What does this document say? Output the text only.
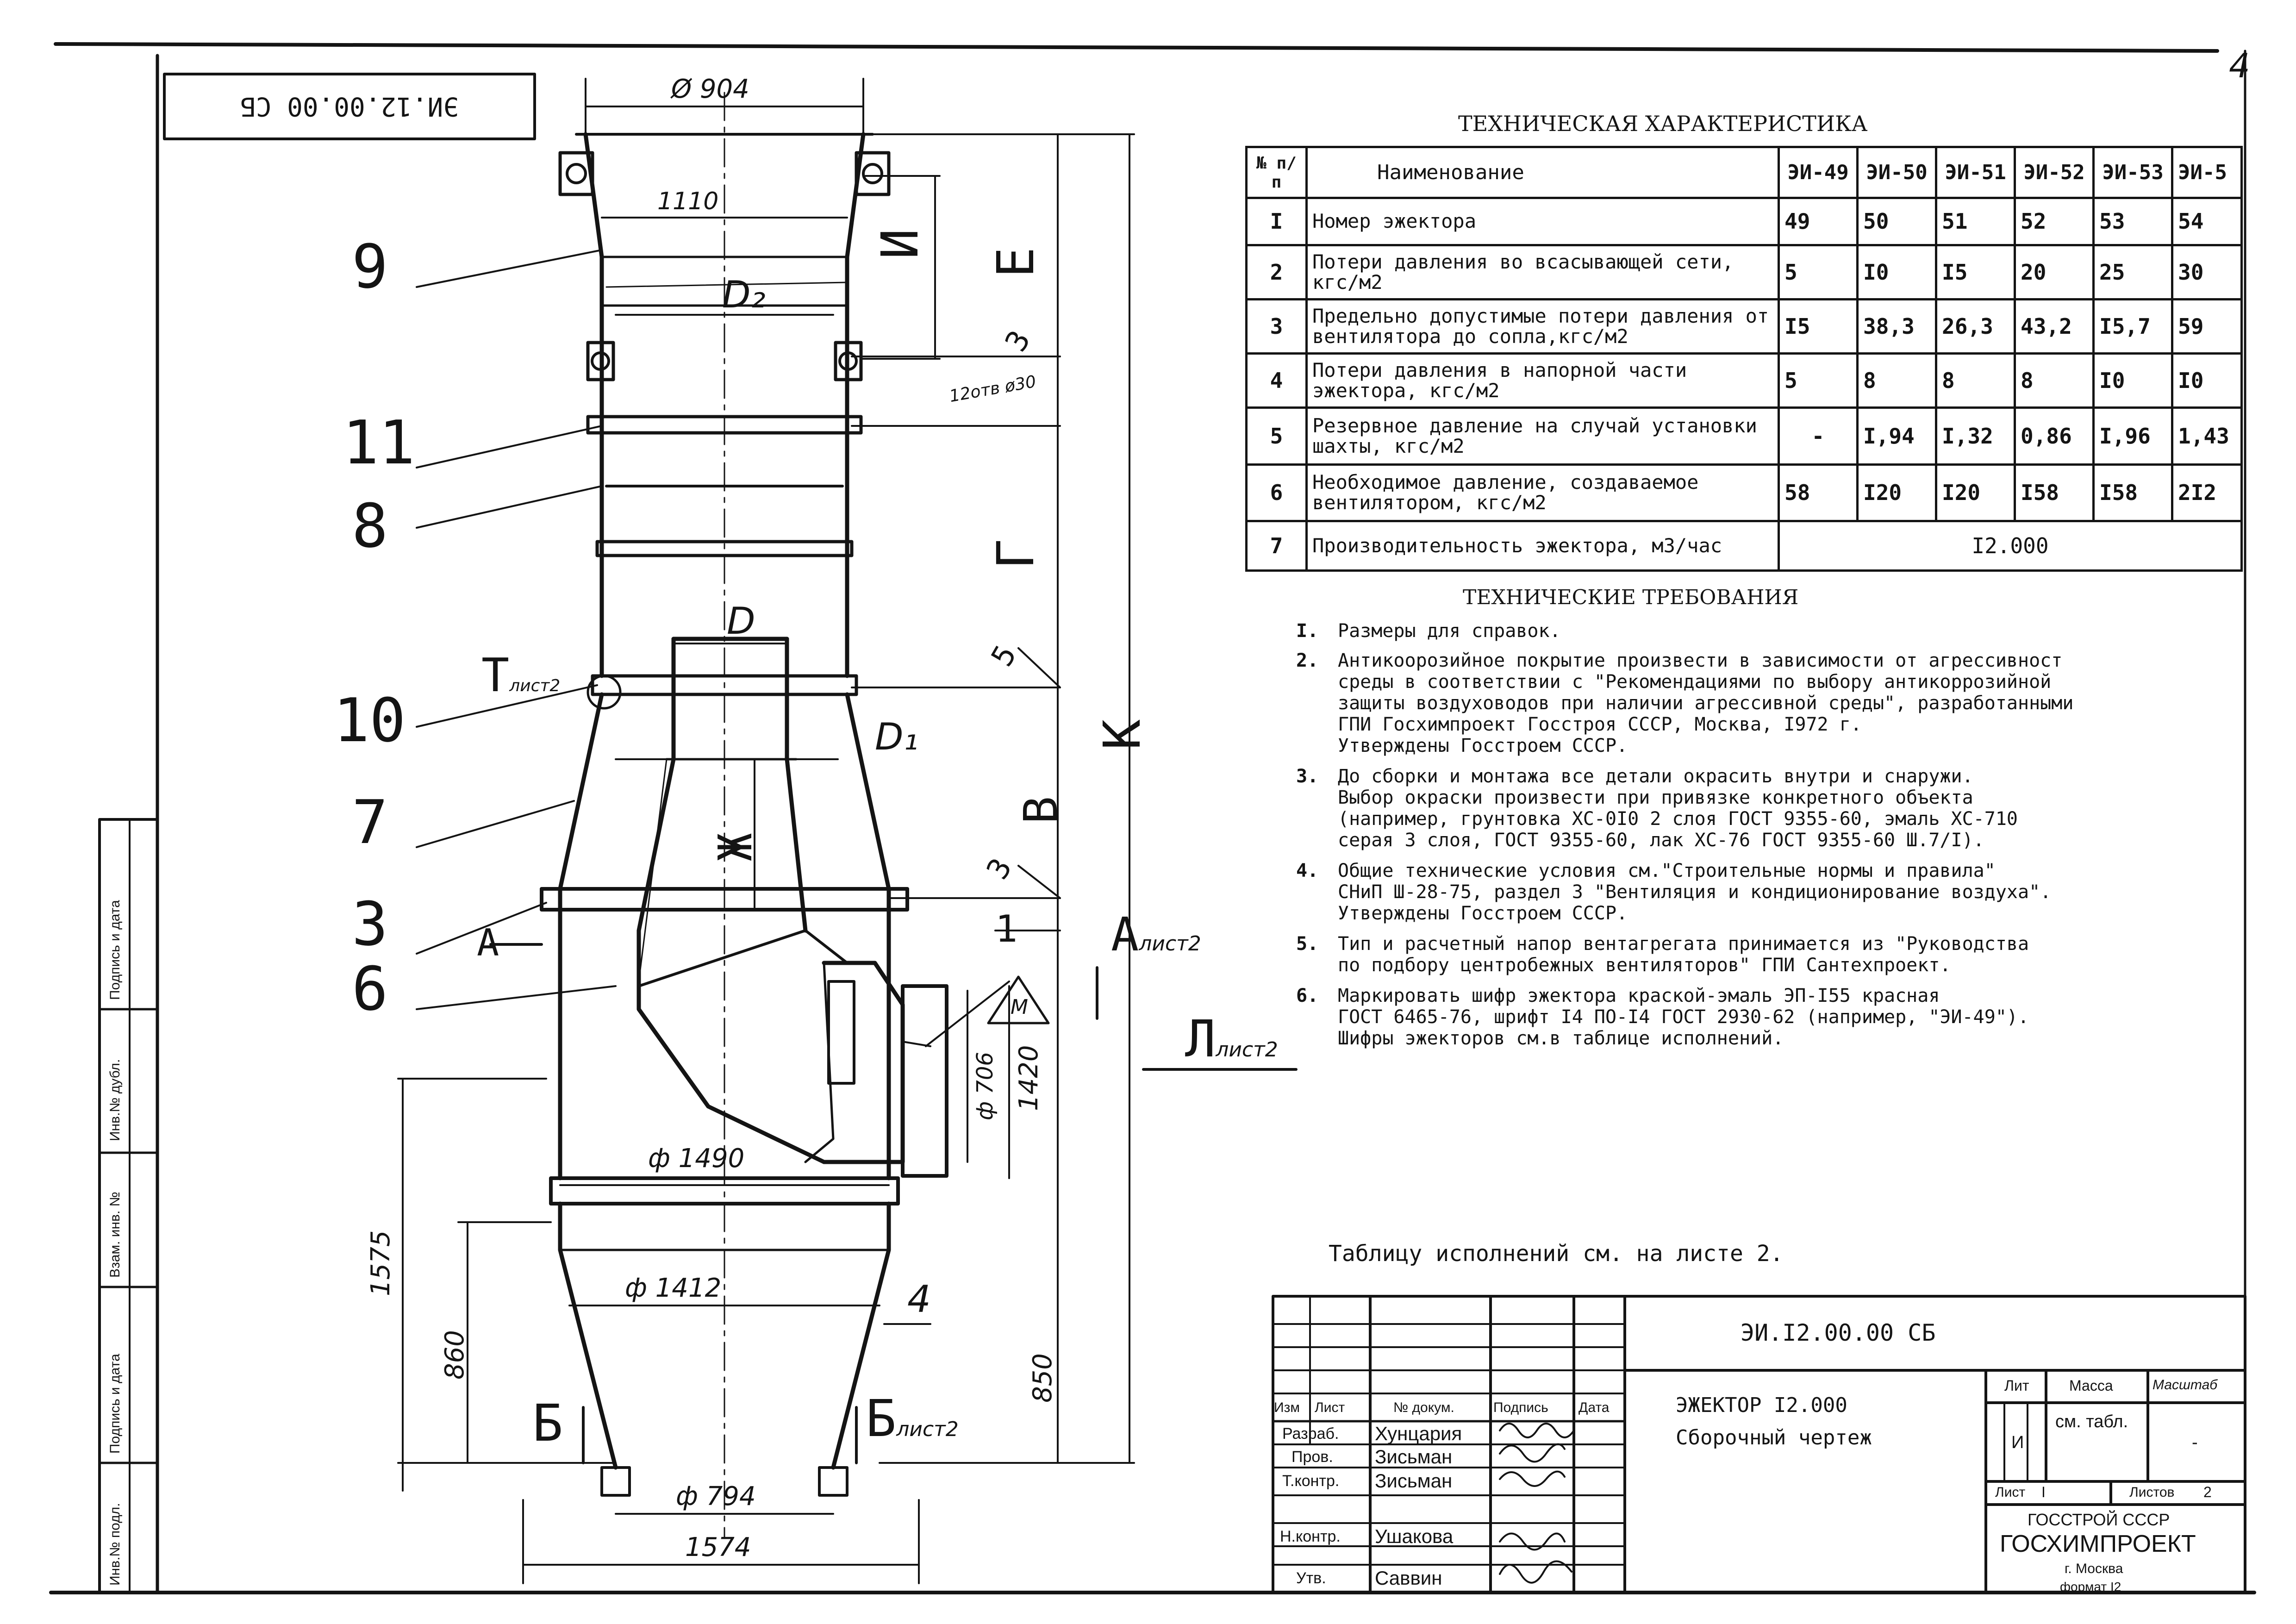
4
ЭИ.12.00.00 СБ
Подпись и дата
Инв.№ дубл.
Взам. инв. №
Подпись и дата
Инв.№ подл.
Ø 904
1110
D₂
12отв ø30
D
D₁
ф 1490
ф 1412
ф 794
1574
1575
860	850
1420
ф 706
И
Е
Г
В
К
Ж
9
11
8
10
7
3
6
3
5
3
1
4
Тлист2
А	Алист2
Ллист2
Б	Блист2
М
ТЕХНИЧЕСКАЯ ХАРАКТЕРИСТИКА
№ п/п	Наименование	ЭИ-49	ЭИ-50	ЭИ-51	ЭИ-52	ЭИ-53	ЭИ-5
I	Номер эжектора	49	50	51	52	53	54
2	Потери давления во всасывающей сети, кгс/м2	5	I0	I5	20	25	30
3	Предельно допустимые потери давления от вентилятора до сопла,кгс/м2	I5	38,3	26,3	43,2	I5,7	59
4	Потери давления в напорной части эжектора, кгс/м2	5	8	8	8	I0	I0
5	Резервное давление на случай установки шахты, кгс/м2	-	I,94	I,32	0,86	I,96	1,43
6	Необходимое давление, создаваемое вентилятором, кгс/м2	58	I20	I20	I58	I58	2I2
7	Производительность эжектора, м3/час	I2.000					
ТЕХНИЧЕСКИЕ ТРЕБОВАНИЯ
I. Размеры для справок.
2. Антикоорозийное покрытие произвести в зависимости от агрессивност
среды в соответствии с "Рекомендациями по выбору антикоррозийной
защиты воздуховодов при наличии агрессивной среды", разработанными
ГПИ Госхимпроект Госстроя СССР, Москва, I972 г.
Утверждены Госстроем СССР.
3. До сборки и монтажа все детали окрасить внутри и снаружи.
Выбор окраски произвести при привязке конкретного объекта
(например, грунтовка ХС-0I0 2 слоя ГОСТ 9355-60, эмаль ХС-710
серая 3 слоя, ГОСТ 9355-60, лак ХС-76 ГОСТ 9355-60 Ш.7/I).
4. Общие технические условия см."Строительные нормы и правила"
СНиП Ш-28-75, раздел 3 "Вентиляция и кондиционирование воздуха".
Утверждены Госстроем СССР.
5. Тип и расчетный напор вентагрегата принимается из "Руководства
по подбору центробежных вентиляторов" ГПИ Сантехпроект.
6. Маркировать шифр эжектора краской-эмаль ЭП-I55 красная
ГОСТ 6465-76, шрифт I4 ПО-I4 ГОСТ 2930-62 (например, "ЭИ-49").
Шифры эжекторов см.в таблице исполнений.
Таблицу исполнений см. на листе 2.
ЭИ.I2.00.00 СБ
ЭЖЕКТОР I2.000
Сборочный чертеж
Изм Лист	№ докум.	Подпись Дата
Разраб. Хунцария
Пров. Зисьман
Т.контр. Зисьман
Н.контр. Ушакова
Утв.	Саввин
Лит	Масса	Масштаб
И
см. табл.
-
Лист I	Листов 2
ГОССТРОЙ СССР
ГОСХИМПРОЕКТ
г. Москва
формат I2
